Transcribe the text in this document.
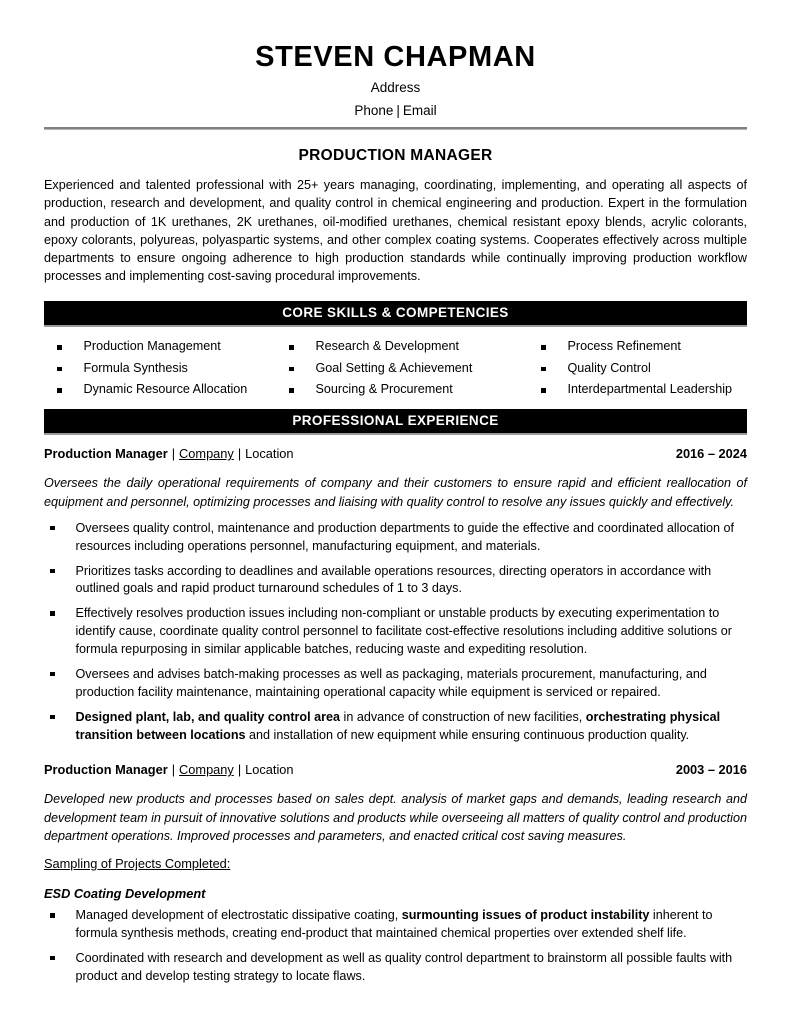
STEVEN CHAPMAN
Address
Phone | Email
PRODUCTION MANAGER
Experienced and talented professional with 25+ years managing, coordinating, implementing, and operating all aspects of production, research and development, and quality control in chemical engineering and production. Expert in the formulation and production of 1K urethanes, 2K urethanes, oil-modified urethanes, chemical resistant epoxy blends, acrylic colorants, epoxy colorants, polyureas, polyaspartic systems, and other complex coating systems. Cooperates effectively across multiple departments to ensure ongoing adherence to high production standards while continually improving production workflow processes and implementing cost-saving procedural improvements.
CORE SKILLS & COMPETENCIES
Production Management	Research & Development	Process Refinement
Formula Synthesis	Goal Setting & Achievement	Quality Control
Dynamic Resource Allocation	Sourcing & Procurement	Interdepartmental Leadership
PROFESSIONAL EXPERIENCE
Production Manager | Company | Location	2016 – 2024
Oversees the daily operational requirements of company and their customers to ensure rapid and efficient reallocation of equipment and personnel, optimizing processes and liaising with quality control to resolve any issues quickly and effectively.
Oversees quality control, maintenance and production departments to guide the effective and coordinated allocation of resources including operations personnel, manufacturing equipment, and materials.
Prioritizes tasks according to deadlines and available operations resources, directing operators in accordance with outlined goals and rapid product turnaround schedules of 1 to 3 days.
Effectively resolves production issues including non-compliant or unstable products by executing experimentation to identify cause, coordinate quality control personnel to facilitate cost-effective resolutions including additive solutions or formula repurposing in similar applicable batches, reducing waste and expediting resolution.
Oversees and advises batch-making processes as well as packaging, materials procurement, manufacturing, and production facility maintenance, maintaining operational capacity while equipment is serviced or repaired.
Designed plant, lab, and quality control area in advance of construction of new facilities, orchestrating physical transition between locations and installation of new equipment while ensuring continuous production quality.
Production Manager | Company | Location	2003 – 2016
Developed new products and processes based on sales dept. analysis of market gaps and demands, leading research and development team in pursuit of innovative solutions and products while overseeing all matters of quality control and production department operations. Improved processes and parameters, and enacted critical cost saving measures.
Sampling of Projects Completed:
ESD Coating Development
Managed development of electrostatic dissipative coating, surmounting issues of product instability inherent to formula synthesis methods, creating end-product that maintained chemical properties over extended shelf life.
Coordinated with research and development as well as quality control department to brainstorm all possible faults with product and develop testing strategy to locate flaws.
